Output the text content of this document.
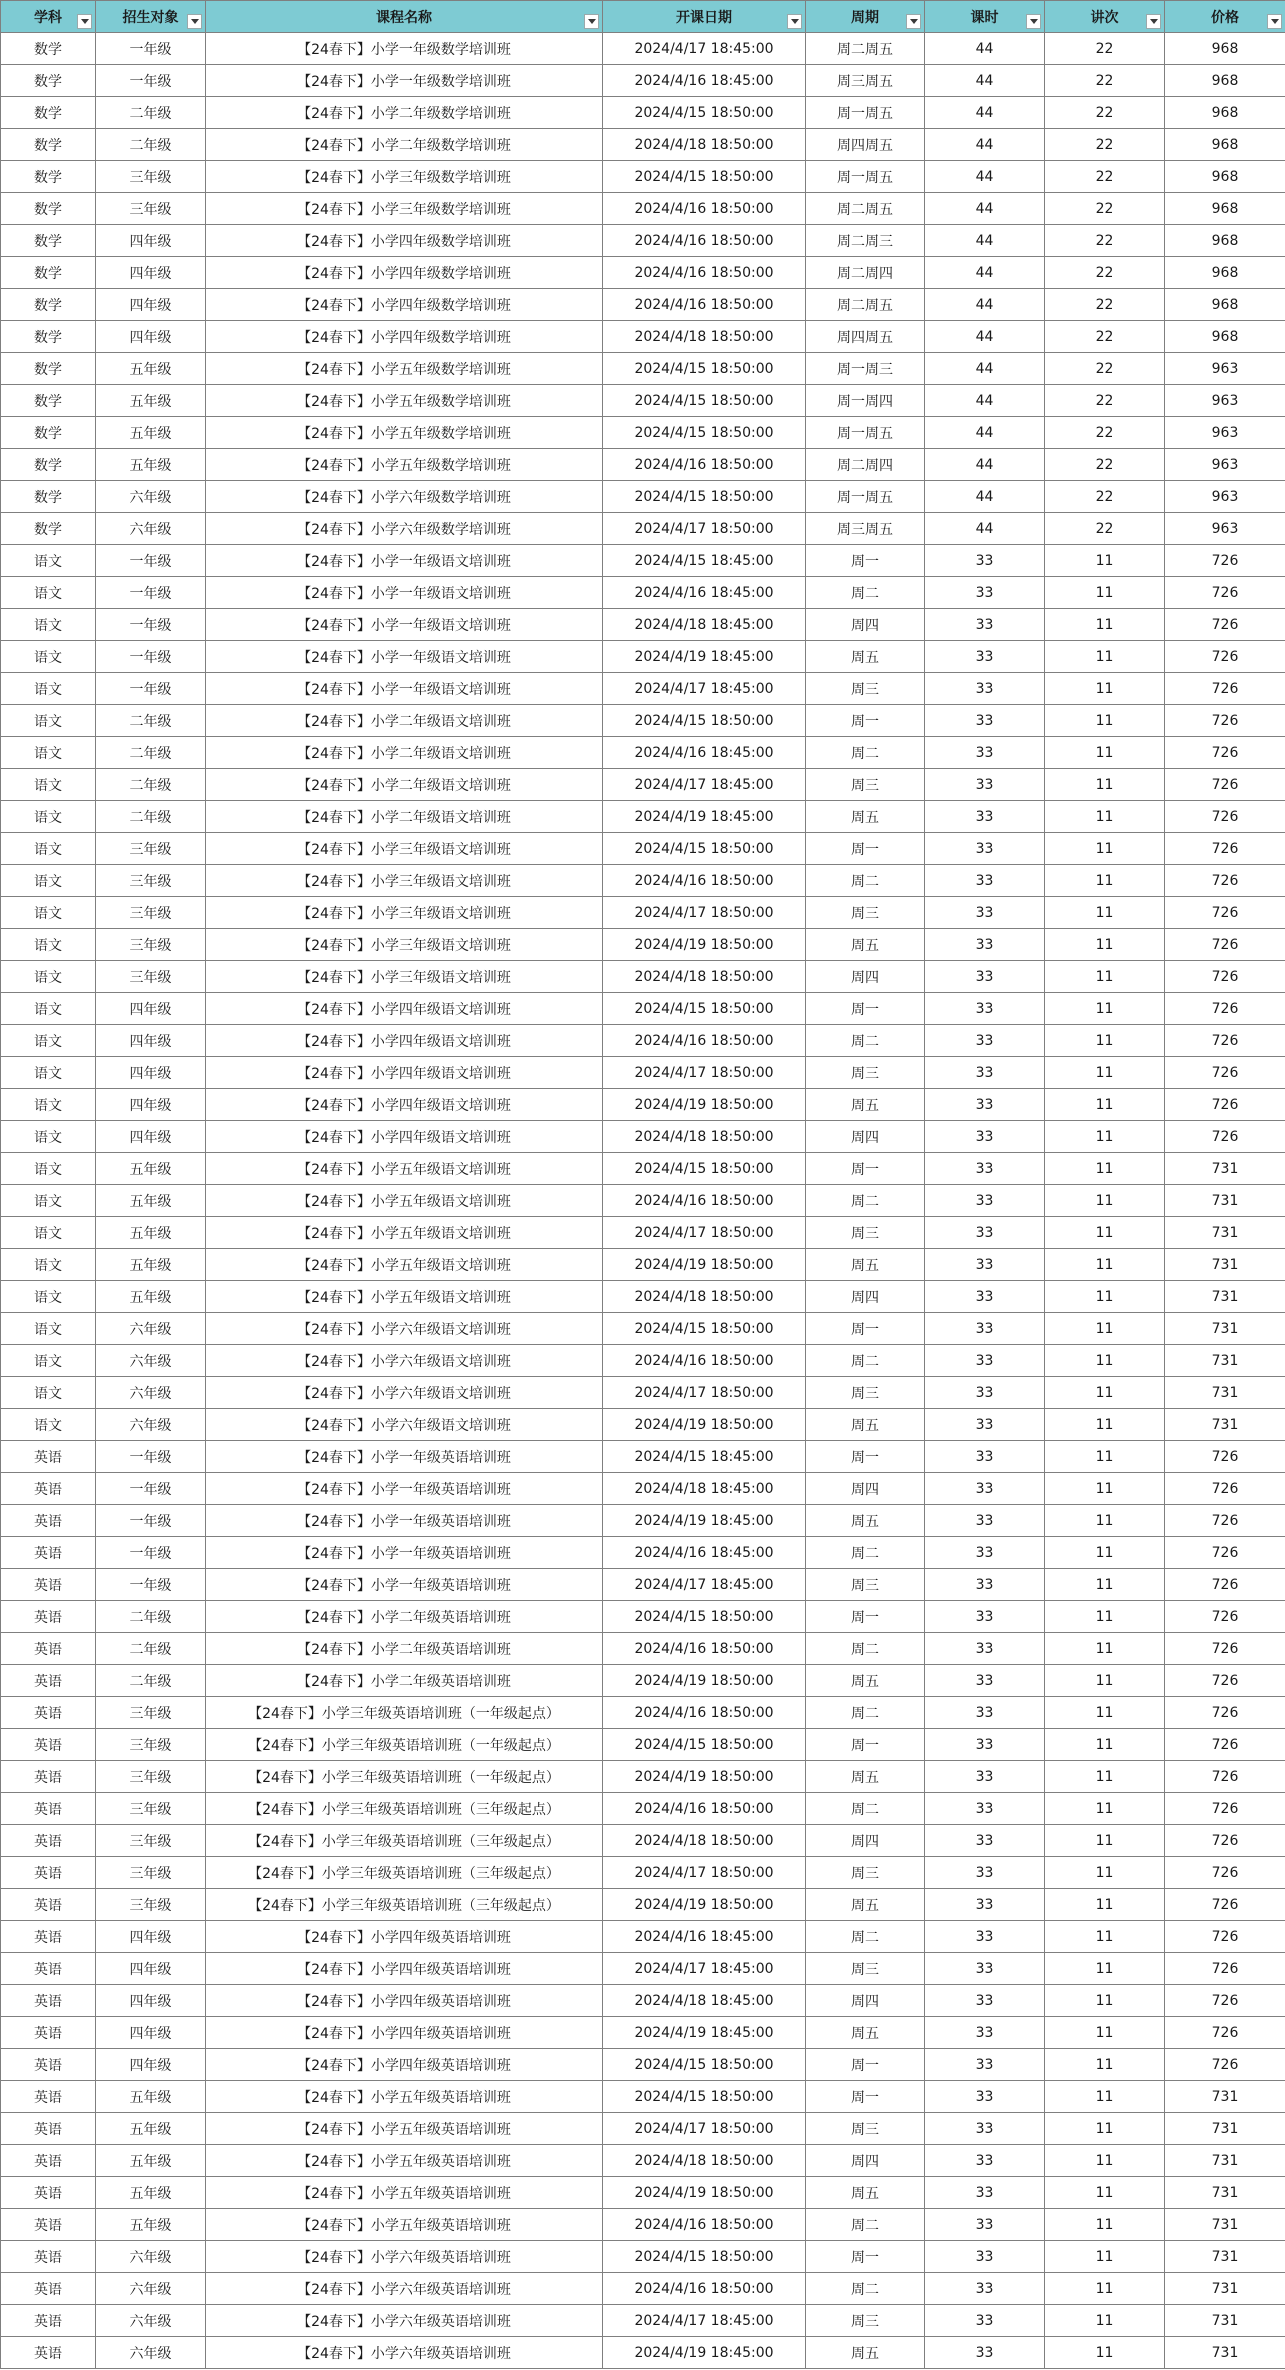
学科	招生对象	课程名称	开课日期	周期	课时	讲次	价格

数学	一年级	【24春下】小学一年级数学培训班	2024/4/17 18:45:00	周二周五	44	22	968
数学	一年级	【24春下】小学一年级数学培训班	2024/4/16 18:45:00	周三周五	44	22	968
数学	二年级	【24春下】小学二年级数学培训班	2024/4/15 18:50:00	周一周五	44	22	968
数学	二年级	【24春下】小学二年级数学培训班	2024/4/18 18:50:00	周四周五	44	22	968
数学	三年级	【24春下】小学三年级数学培训班	2024/4/15 18:50:00	周一周五	44	22	968
数学	三年级	【24春下】小学三年级数学培训班	2024/4/16 18:50:00	周二周五	44	22	968
数学	四年级	【24春下】小学四年级数学培训班	2024/4/16 18:50:00	周二周三	44	22	968
数学	四年级	【24春下】小学四年级数学培训班	2024/4/16 18:50:00	周二周四	44	22	968
数学	四年级	【24春下】小学四年级数学培训班	2024/4/16 18:50:00	周二周五	44	22	968
数学	四年级	【24春下】小学四年级数学培训班	2024/4/18 18:50:00	周四周五	44	22	968
数学	五年级	【24春下】小学五年级数学培训班	2024/4/15 18:50:00	周一周三	44	22	963
数学	五年级	【24春下】小学五年级数学培训班	2024/4/15 18:50:00	周一周四	44	22	963
数学	五年级	【24春下】小学五年级数学培训班	2024/4/15 18:50:00	周一周五	44	22	963
数学	五年级	【24春下】小学五年级数学培训班	2024/4/16 18:50:00	周二周四	44	22	963
数学	六年级	【24春下】小学六年级数学培训班	2024/4/15 18:50:00	周一周五	44	22	963
数学	六年级	【24春下】小学六年级数学培训班	2024/4/17 18:50:00	周三周五	44	22	963
语文	一年级	【24春下】小学一年级语文培训班	2024/4/15 18:45:00	周一	33	11	726
语文	一年级	【24春下】小学一年级语文培训班	2024/4/16 18:45:00	周二	33	11	726
语文	一年级	【24春下】小学一年级语文培训班	2024/4/18 18:45:00	周四	33	11	726
语文	一年级	【24春下】小学一年级语文培训班	2024/4/19 18:45:00	周五	33	11	726
语文	一年级	【24春下】小学一年级语文培训班	2024/4/17 18:45:00	周三	33	11	726
语文	二年级	【24春下】小学二年级语文培训班	2024/4/15 18:50:00	周一	33	11	726
语文	二年级	【24春下】小学二年级语文培训班	2024/4/16 18:45:00	周二	33	11	726
语文	二年级	【24春下】小学二年级语文培训班	2024/4/17 18:45:00	周三	33	11	726
语文	二年级	【24春下】小学二年级语文培训班	2024/4/19 18:45:00	周五	33	11	726
语文	三年级	【24春下】小学三年级语文培训班	2024/4/15 18:50:00	周一	33	11	726
语文	三年级	【24春下】小学三年级语文培训班	2024/4/16 18:50:00	周二	33	11	726
语文	三年级	【24春下】小学三年级语文培训班	2024/4/17 18:50:00	周三	33	11	726
语文	三年级	【24春下】小学三年级语文培训班	2024/4/19 18:50:00	周五	33	11	726
语文	三年级	【24春下】小学三年级语文培训班	2024/4/18 18:50:00	周四	33	11	726
语文	四年级	【24春下】小学四年级语文培训班	2024/4/15 18:50:00	周一	33	11	726
语文	四年级	【24春下】小学四年级语文培训班	2024/4/16 18:50:00	周二	33	11	726
语文	四年级	【24春下】小学四年级语文培训班	2024/4/17 18:50:00	周三	33	11	726
语文	四年级	【24春下】小学四年级语文培训班	2024/4/19 18:50:00	周五	33	11	726
语文	四年级	【24春下】小学四年级语文培训班	2024/4/18 18:50:00	周四	33	11	726
语文	五年级	【24春下】小学五年级语文培训班	2024/4/15 18:50:00	周一	33	11	731
语文	五年级	【24春下】小学五年级语文培训班	2024/4/16 18:50:00	周二	33	11	731
语文	五年级	【24春下】小学五年级语文培训班	2024/4/17 18:50:00	周三	33	11	731
语文	五年级	【24春下】小学五年级语文培训班	2024/4/19 18:50:00	周五	33	11	731
语文	五年级	【24春下】小学五年级语文培训班	2024/4/18 18:50:00	周四	33	11	731
语文	六年级	【24春下】小学六年级语文培训班	2024/4/15 18:50:00	周一	33	11	731
语文	六年级	【24春下】小学六年级语文培训班	2024/4/16 18:50:00	周二	33	11	731
语文	六年级	【24春下】小学六年级语文培训班	2024/4/17 18:50:00	周三	33	11	731
语文	六年级	【24春下】小学六年级语文培训班	2024/4/19 18:50:00	周五	33	11	731
英语	一年级	【24春下】小学一年级英语培训班	2024/4/15 18:45:00	周一	33	11	726
英语	一年级	【24春下】小学一年级英语培训班	2024/4/18 18:45:00	周四	33	11	726
英语	一年级	【24春下】小学一年级英语培训班	2024/4/19 18:45:00	周五	33	11	726
英语	一年级	【24春下】小学一年级英语培训班	2024/4/16 18:45:00	周二	33	11	726
英语	一年级	【24春下】小学一年级英语培训班	2024/4/17 18:45:00	周三	33	11	726
英语	二年级	【24春下】小学二年级英语培训班	2024/4/15 18:50:00	周一	33	11	726
英语	二年级	【24春下】小学二年级英语培训班	2024/4/16 18:50:00	周二	33	11	726
英语	二年级	【24春下】小学二年级英语培训班	2024/4/19 18:50:00	周五	33	11	726
英语	三年级	【24春下】小学三年级英语培训班（一年级起点）	2024/4/16 18:50:00	周二	33	11	726
英语	三年级	【24春下】小学三年级英语培训班（一年级起点）	2024/4/15 18:50:00	周一	33	11	726
英语	三年级	【24春下】小学三年级英语培训班（一年级起点）	2024/4/19 18:50:00	周五	33	11	726
英语	三年级	【24春下】小学三年级英语培训班（三年级起点）	2024/4/16 18:50:00	周二	33	11	726
英语	三年级	【24春下】小学三年级英语培训班（三年级起点）	2024/4/18 18:50:00	周四	33	11	726
英语	三年级	【24春下】小学三年级英语培训班（三年级起点）	2024/4/17 18:50:00	周三	33	11	726
英语	三年级	【24春下】小学三年级英语培训班（三年级起点）	2024/4/19 18:50:00	周五	33	11	726
英语	四年级	【24春下】小学四年级英语培训班	2024/4/16 18:45:00	周二	33	11	726
英语	四年级	【24春下】小学四年级英语培训班	2024/4/17 18:45:00	周三	33	11	726
英语	四年级	【24春下】小学四年级英语培训班	2024/4/18 18:45:00	周四	33	11	726
英语	四年级	【24春下】小学四年级英语培训班	2024/4/19 18:45:00	周五	33	11	726
英语	四年级	【24春下】小学四年级英语培训班	2024/4/15 18:50:00	周一	33	11	726
英语	五年级	【24春下】小学五年级英语培训班	2024/4/15 18:50:00	周一	33	11	731
英语	五年级	【24春下】小学五年级英语培训班	2024/4/17 18:50:00	周三	33	11	731
英语	五年级	【24春下】小学五年级英语培训班	2024/4/18 18:50:00	周四	33	11	731
英语	五年级	【24春下】小学五年级英语培训班	2024/4/19 18:50:00	周五	33	11	731
英语	五年级	【24春下】小学五年级英语培训班	2024/4/16 18:50:00	周二	33	11	731
英语	六年级	【24春下】小学六年级英语培训班	2024/4/15 18:50:00	周一	33	11	731
英语	六年级	【24春下】小学六年级英语培训班	2024/4/16 18:50:00	周二	33	11	731
英语	六年级	【24春下】小学六年级英语培训班	2024/4/17 18:45:00	周三	33	11	731
英语	六年级	【24春下】小学六年级英语培训班	2024/4/19 18:45:00	周五	33	11	731
